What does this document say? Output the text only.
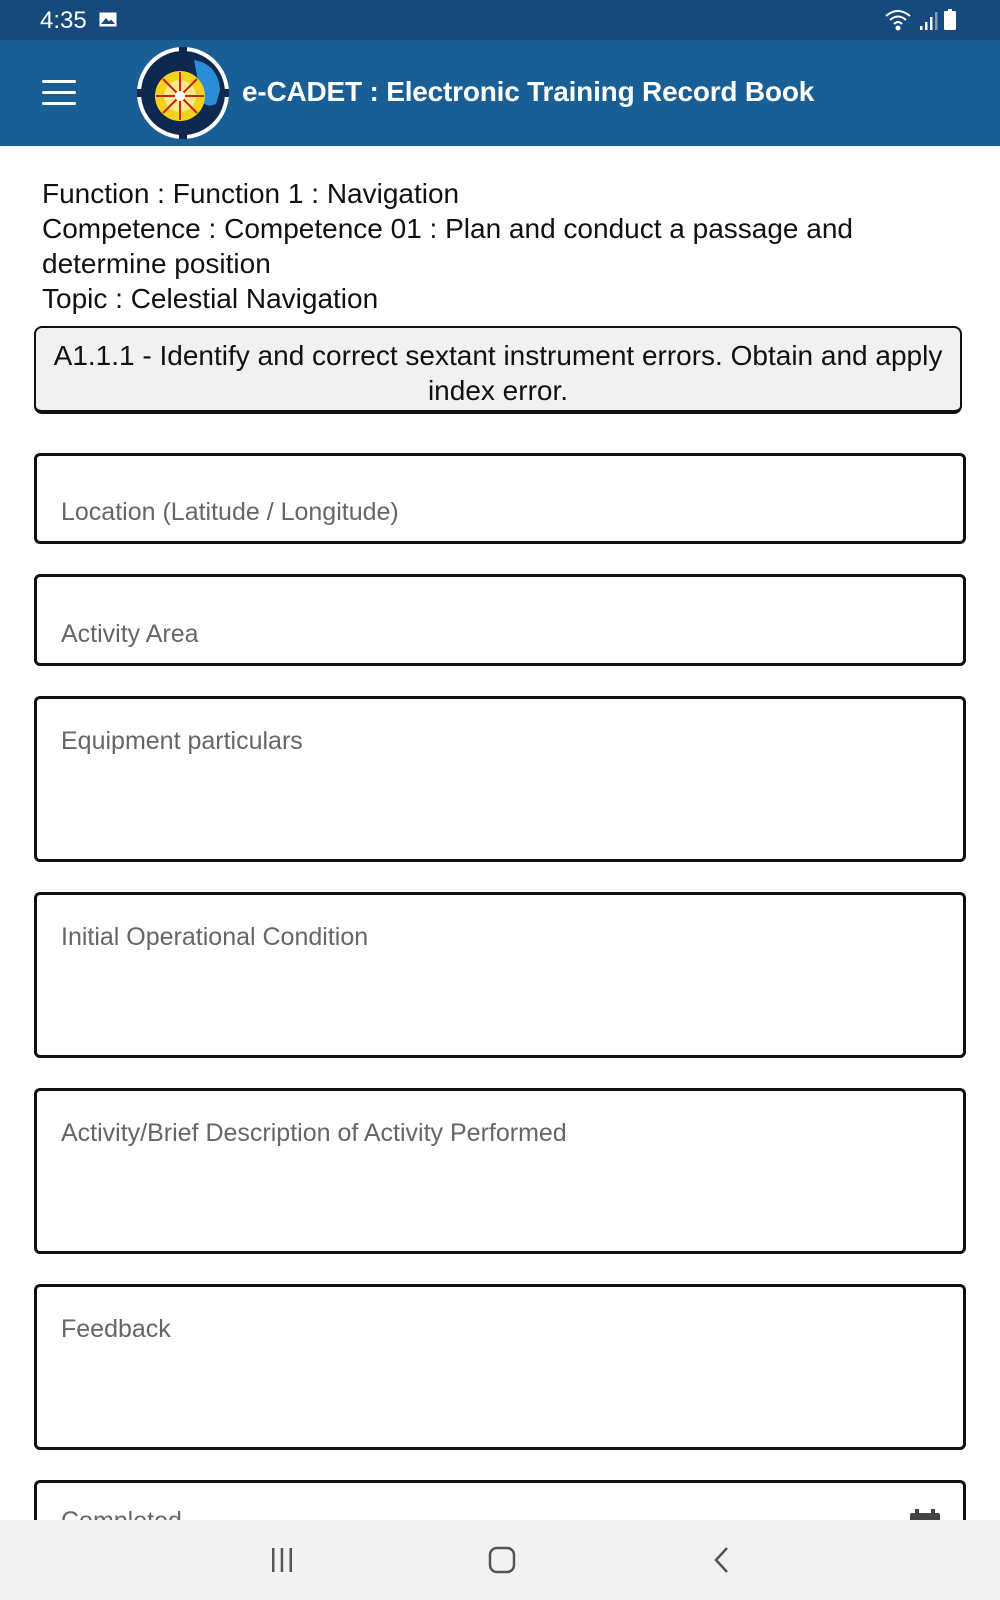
4:35
e-CADET : Electronic Training Record Book
Function : Function 1 : Navigation
Competence : Competence 01 : Plan and conduct a passage and determine position
Topic : Celestial Navigation
A1.1.1 - Identify and correct sextant instrument errors. Obtain and apply index error.
Location (Latitude / Longitude)
Activity Area
Equipment particulars
Initial Operational Condition
Activity/Brief Description of Activity Performed
Feedback
